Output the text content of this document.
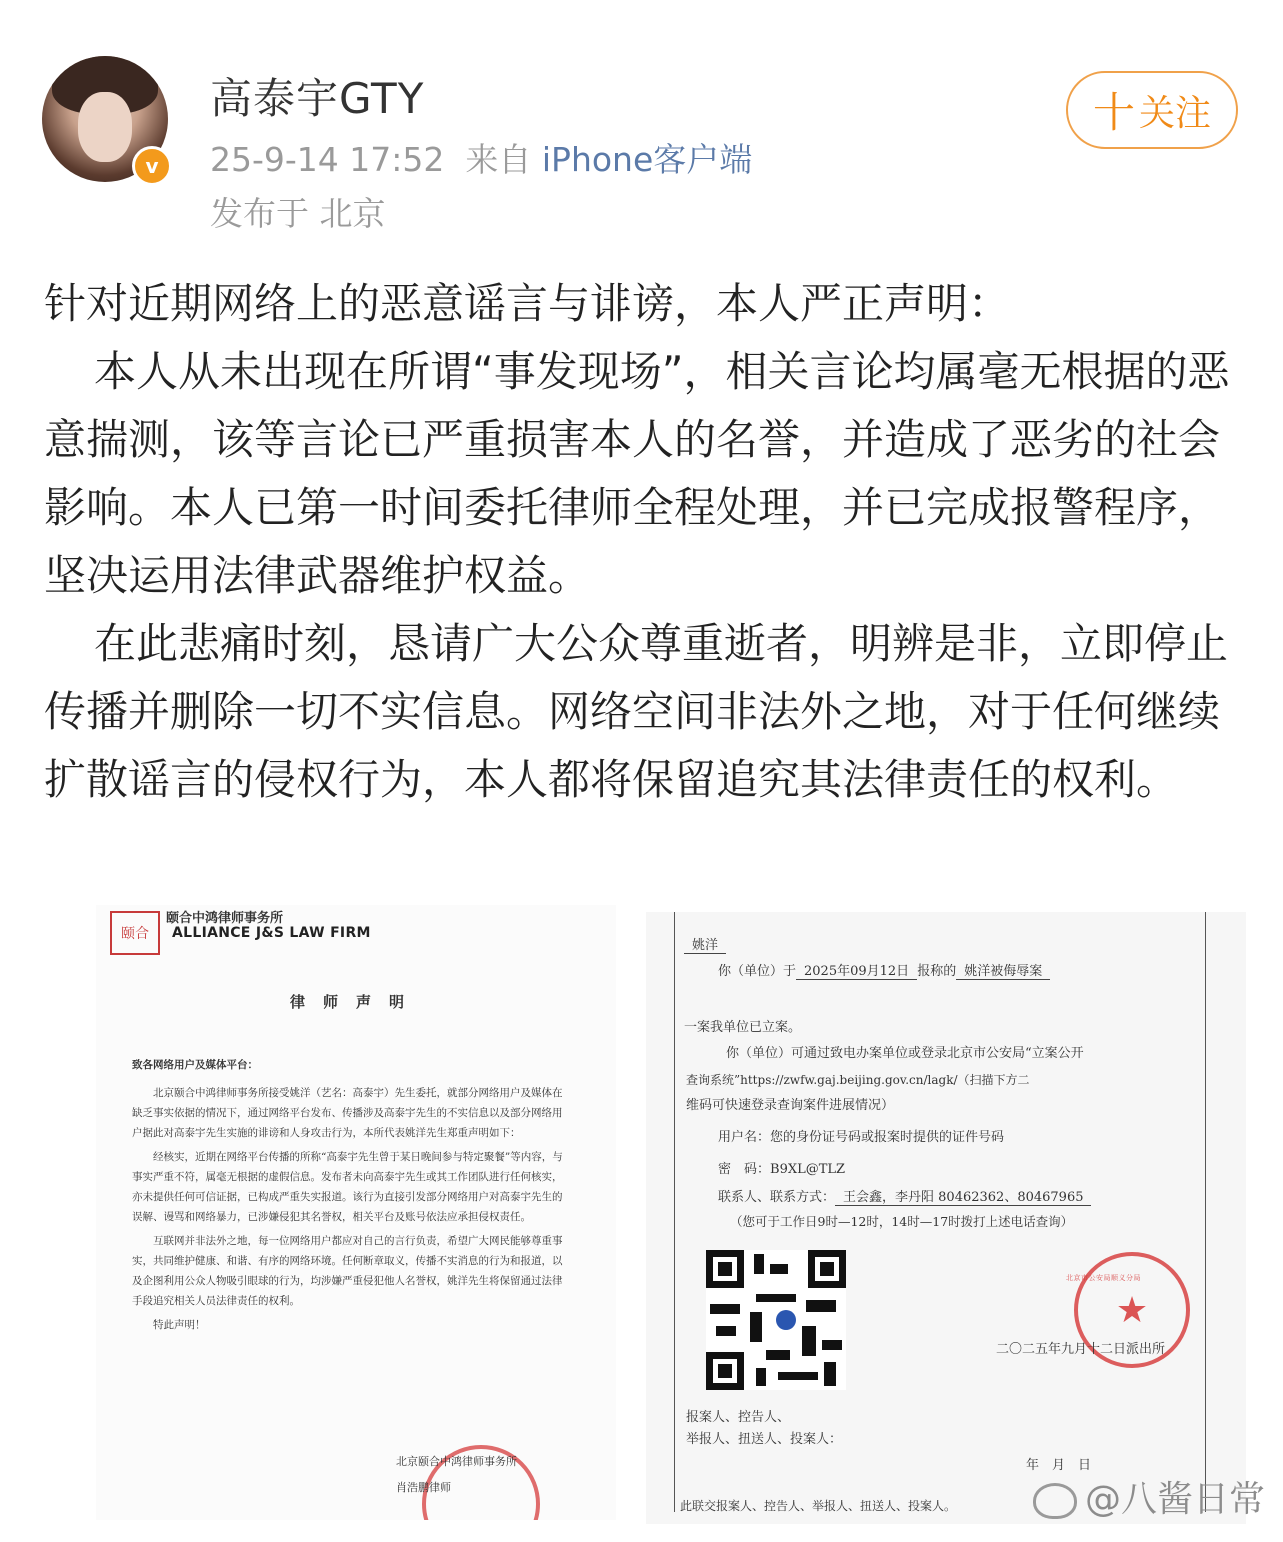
v
高泰宇GTY
25-9-14 17:52 来自 iPhone客户端
发布于 北京
十 关注

针对近期网络上的恶意谣言与诽谤，本人严正声明：

本人从未出现在所谓“事发现场”，相关言论均属毫无根据的恶意揣测，该等言论已严重损害本人的名誉，并造成了恶劣的社会影响。本人已第一时间委托律师全程处理，并已完成报警程序，坚决运用法律武器维护权益。

在此悲痛时刻，恳请广大公众尊重逝者，明辨是非，立即停止传播并删除一切不实信息。网络空间非法外之地，对于任何继续扩散谣言的侵权行为，本人都将保留追究其法律责任的权利。

颐合
颐合中鸿律师事务所
ALLIANCE J&S LAW FIRM
律师声明

致各网络用户及媒体平台：

北京颐合中鸿律师事务所接受姚洋（艺名：高泰宇）先生委托，就部分网络用户及媒体在缺乏事实依据的情况下，通过网络平台发布、传播涉及高泰宇先生的不实信息以及部分网络用户据此对高泰宇先生实施的诽谤和人身攻击行为，本所代表姚洋先生郑重声明如下：

经核实，近期在网络平台传播的所称“高泰宇先生曾于某日晚间参与特定聚餐”等内容，与事实严重不符，属毫无根据的虚假信息。发布者未向高泰宇先生或其工作团队进行任何核实，亦未提供任何可信证据，已构成严重失实报道。该行为直接引发部分网络用户对高泰宇先生的误解、谩骂和网络暴力，已涉嫌侵犯其名誉权，相关平台及账号依法应承担侵权责任。

互联网并非法外之地，每一位网络用户都应对自己的言行负责，希望广大网民能够尊重事实，共同维护健康、和谐、有序的网络环境。任何断章取义，传播不实消息的行为和报道，以及企图利用公众人物吸引眼球的行为，均涉嫌严重侵犯他人名誉权，姚洋先生将保留通过法律手段追究相关人员法律责任的权利。

特此声明！

北京颐合中鸿律师事务所
肖浩鹏律师
姚洋
你（单位）于 2025年09月12日 报称的 姚洋被侮辱案
一案我单位已立案。
你（单位）可通过致电办案单位或登录北京市公安局“立案公开
查询系统”https://zwfw.gaj.beijing.gov.cn/lagk/（扫描下方二
维码可快速登录查询案件进展情况）
用户名：您的身份证号码或报案时提供的证件号码
密　码：B9XL@TLZ
联系人、联系方式： 王会鑫，李丹阳 80462362、80467965
（您可于工作日9时—12时，14时—17时拨打上述电话查询）
★
北京市公安局顺义分局
二〇二五年九月十二日派出所
报案人、控告人、
举报人、扭送人、投案人：
年　月　日
此联交报案人、控告人、举报人、扭送人、投案人。	@八酱日常
